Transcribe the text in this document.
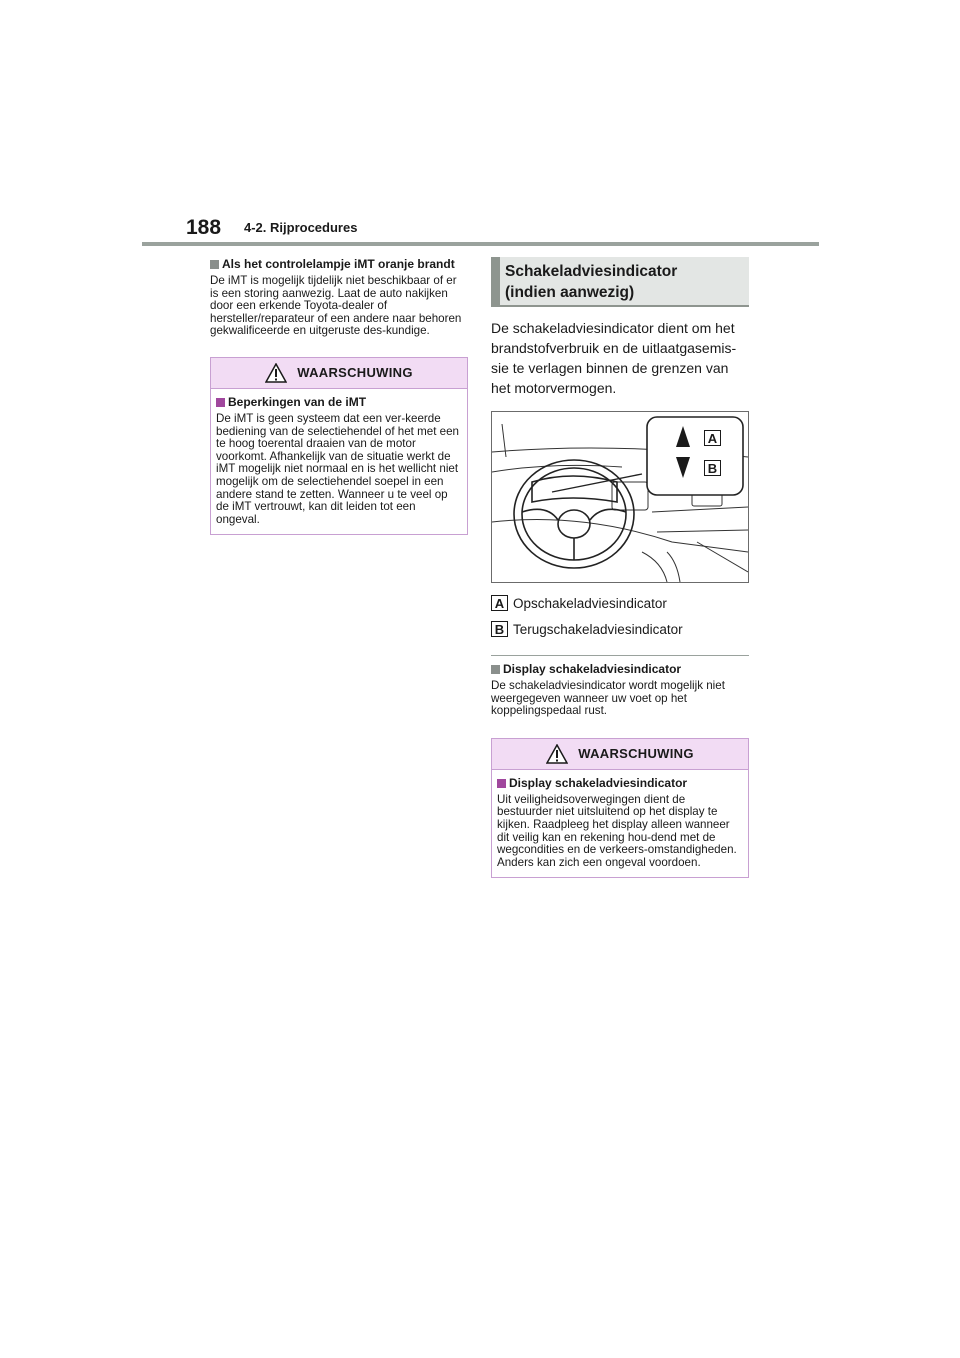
188 4-2. Rijprocedures
Als het controlelampje iMT oranje brandt

De iMT is mogelijk tijdelijk niet beschikbaar of er is een storing aanwezig. Laat de auto nakijken door een erkende Toyota-dealer of hersteller/reparateur of een andere naar behoren gekwalificeerde en uitgeruste des-kundige.

WAARSCHUWING
Beperkingen van de iMT

De iMT is geen systeem dat een ver-keerde bediening van de selectiehendel of het met een te hoog toerental draaien van de motor voorkomt. Afhankelijk van de situatie werkt de iMT mogelijk niet normaal en is het wellicht niet mogelijk om de selectiehendel soepel in een andere stand te zetten. Wanneer u te veel op de iMT vertrouwt, kan dit leiden tot een ongeval.

Schakeladviesindicator
(indien aanwezig)

De schakeladviesindicator dient om het brandstofverbruik en de uitlaatgasemis-sie te verlagen binnen de grenzen van het motorvermogen.

A
B
A Opschakeladviesindicator
B Terugschakeladviesindicator
Display schakeladviesindicator

De schakeladviesindicator wordt mogelijk niet weergegeven wanneer uw voet op het koppelingspedaal rust.

WAARSCHUWING
Display schakeladviesindicator

Uit veiligheidsoverwegingen dient de bestuurder niet uitsluitend op het display te kijken. Raadpleeg het display alleen wanneer dit veilig kan en rekening hou-dend met de wegcondities en de verkeers-omstandigheden. Anders kan zich een ongeval voordoen.
